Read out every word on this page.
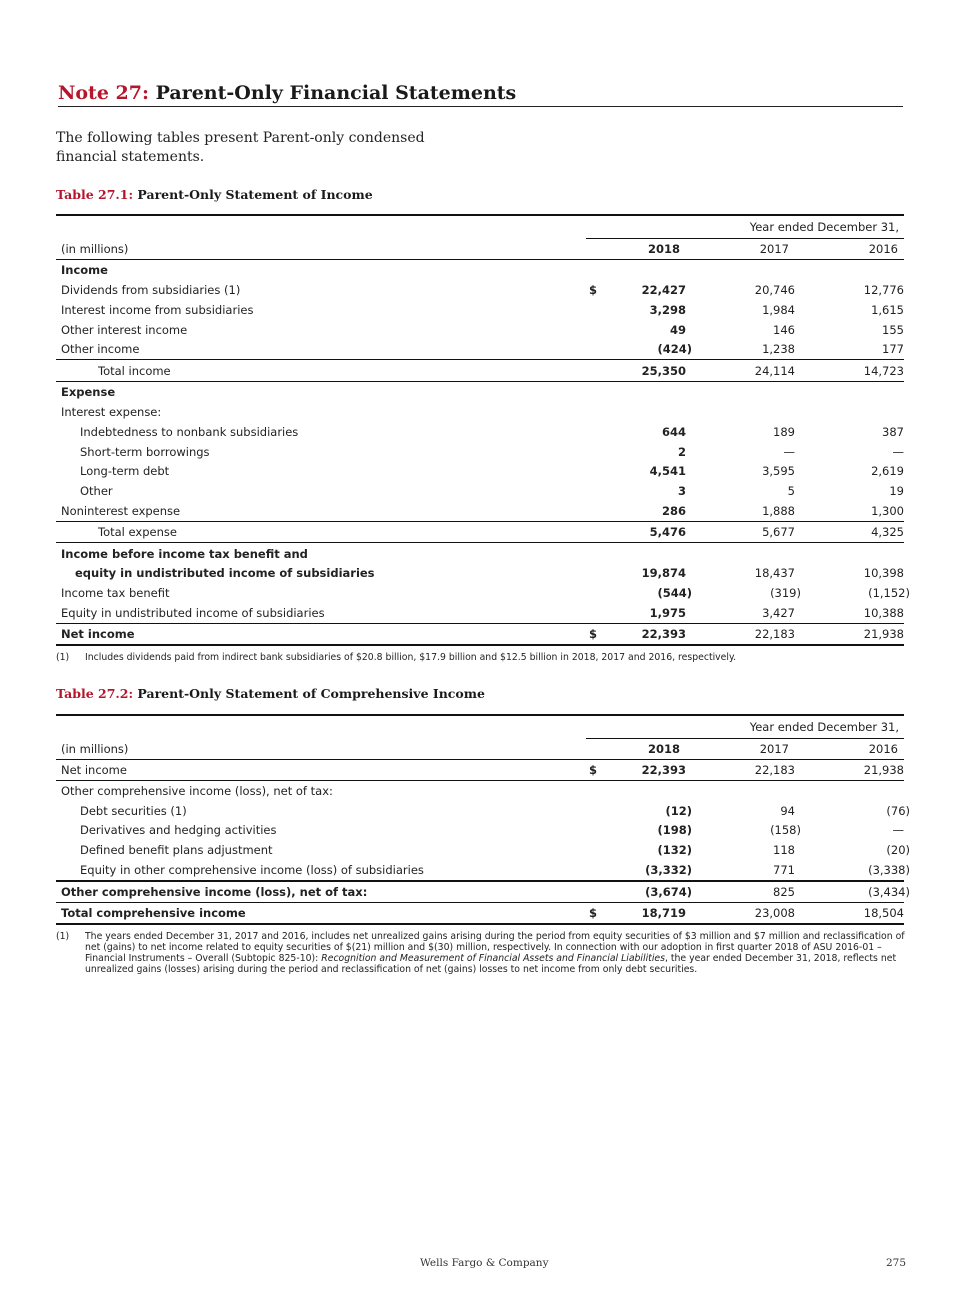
Note 27: Parent-Only Financial Statements
The following tables present Parent-only condensed financial statements.
Table 27.1: Parent-Only Statement of Income
Year ended December 31,
(in millions)	2018	2017	2016
Income
Dividends from subsidiaries (1)	$	22,427	20,746	12,776
Interest income from subsidiaries	3,298	1,984	1,615
Other interest income	49	146	155
Other income	(424)	1,238	177
Total income	25,350	24,114	14,723
Expense
Interest expense:
Indebtedness to nonbank subsidiaries	644	189	387
Short-term borrowings	2	—	—
Long-term debt	4,541	3,595	2,619
Other	3	5	19
Noninterest expense	286	1,888	1,300
Total expense	5,476	5,677	4,325
Income before income tax benefit and
equity in undistributed income of subsidiaries	19,874	18,437	10,398
Income tax benefit	(544)	(319)	(1,152)
Equity in undistributed income of subsidiaries	1,975	3,427	10,388
Net income	$	22,393	22,183	21,938
(1) Includes dividends paid from indirect bank subsidiaries of $20.8 billion, $17.9 billion and $12.5 billion in 2018, 2017 and 2016, respectively.
Table 27.2: Parent-Only Statement of Comprehensive Income
Year ended December 31,
(in millions)	2018	2017	2016
Net income	$	22,393	22,183	21,938
Other comprehensive income (loss), net of tax:
Debt securities (1)	(12)	94	(76)
Derivatives and hedging activities	(198)	(158)	—
Defined benefit plans adjustment	(132)	118	(20)
Equity in other comprehensive income (loss) of subsidiaries	(3,332)	771	(3,338)
Other comprehensive income (loss), net of tax:	(3,674)	825	(3,434)
Total comprehensive income	$	18,719	23,008	18,504
(1) The years ended December 31, 2017 and 2016, includes net unrealized gains arising during the period from equity securities of $3 million and $7 million and reclassification of net (gains) to net income related to equity securities of $(21) million and $(30) million, respectively. In connection with our adoption in first quarter 2018 of ASU 2016-01 – Financial Instruments – Overall (Subtopic 825-10): Recognition and Measurement of Financial Assets and Financial Liabilities, the year ended December 31, 2018, reflects net unrealized gains (losses) arising during the period and reclassification of net (gains) losses to net income from only debt securities.
Wells Fargo & Company	275
